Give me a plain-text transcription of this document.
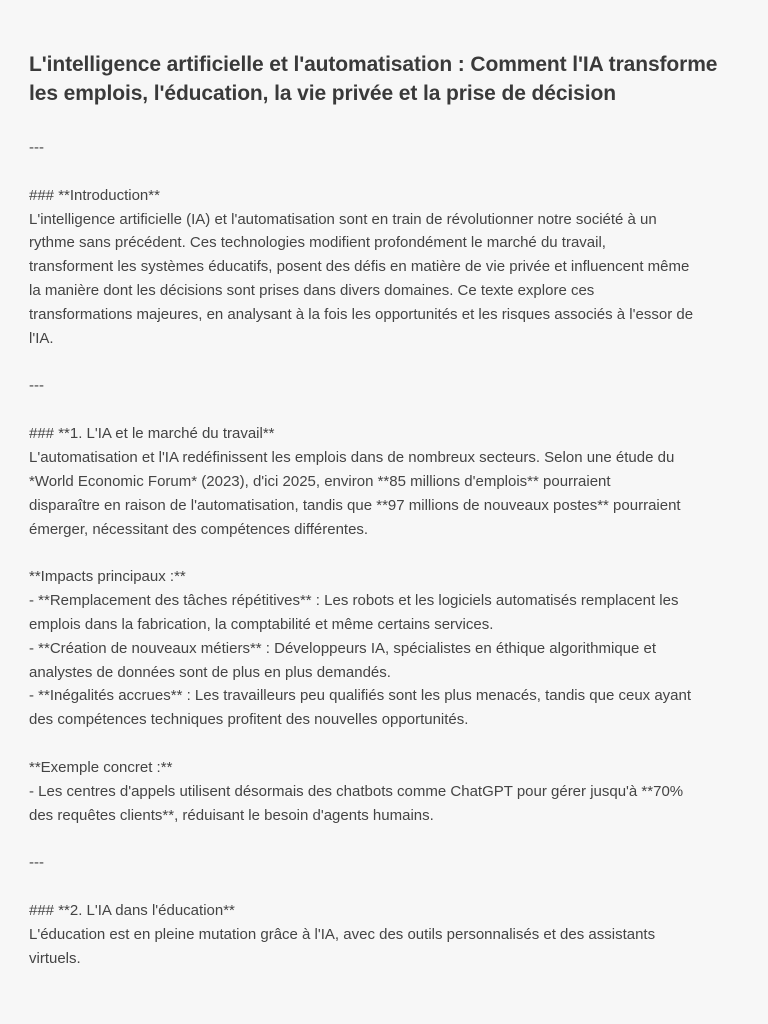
L'intelligence artificielle et l'automatisation : Comment l'IA transforme
les emplois, l'éducation, la vie privée et la prise de décision
---
### **Introduction**
L'intelligence artificielle (IA) et l'automatisation sont en train de révolutionner notre société à un
rythme sans précédent. Ces technologies modifient profondément le marché du travail,
transforment les systèmes éducatifs, posent des défis en matière de vie privée et influencent même
la manière dont les décisions sont prises dans divers domaines. Ce texte explore ces
transformations majeures, en analysant à la fois les opportunités et les risques associés à l'essor de
l'IA.
---
### **1. L'IA et le marché du travail**
L'automatisation et l'IA redéfinissent les emplois dans de nombreux secteurs. Selon une étude du
*World Economic Forum* (2023), d'ici 2025, environ **85 millions d'emplois** pourraient
disparaître en raison de l'automatisation, tandis que **97 millions de nouveaux postes** pourraient
émerger, nécessitant des compétences différentes.
**Impacts principaux :**
- **Remplacement des tâches répétitives** : Les robots et les logiciels automatisés remplacent les
emplois dans la fabrication, la comptabilité et même certains services.
- **Création de nouveaux métiers** : Développeurs IA, spécialistes en éthique algorithmique et
analystes de données sont de plus en plus demandés.
- **Inégalités accrues** : Les travailleurs peu qualifiés sont les plus menacés, tandis que ceux ayant
des compétences techniques profitent des nouvelles opportunités.
**Exemple concret :**
- Les centres d'appels utilisent désormais des chatbots comme ChatGPT pour gérer jusqu'à **70%
des requêtes clients**, réduisant le besoin d'agents humains.
---
### **2. L'IA dans l'éducation**
L'éducation est en pleine mutation grâce à l'IA, avec des outils personnalisés et des assistants
virtuels.
